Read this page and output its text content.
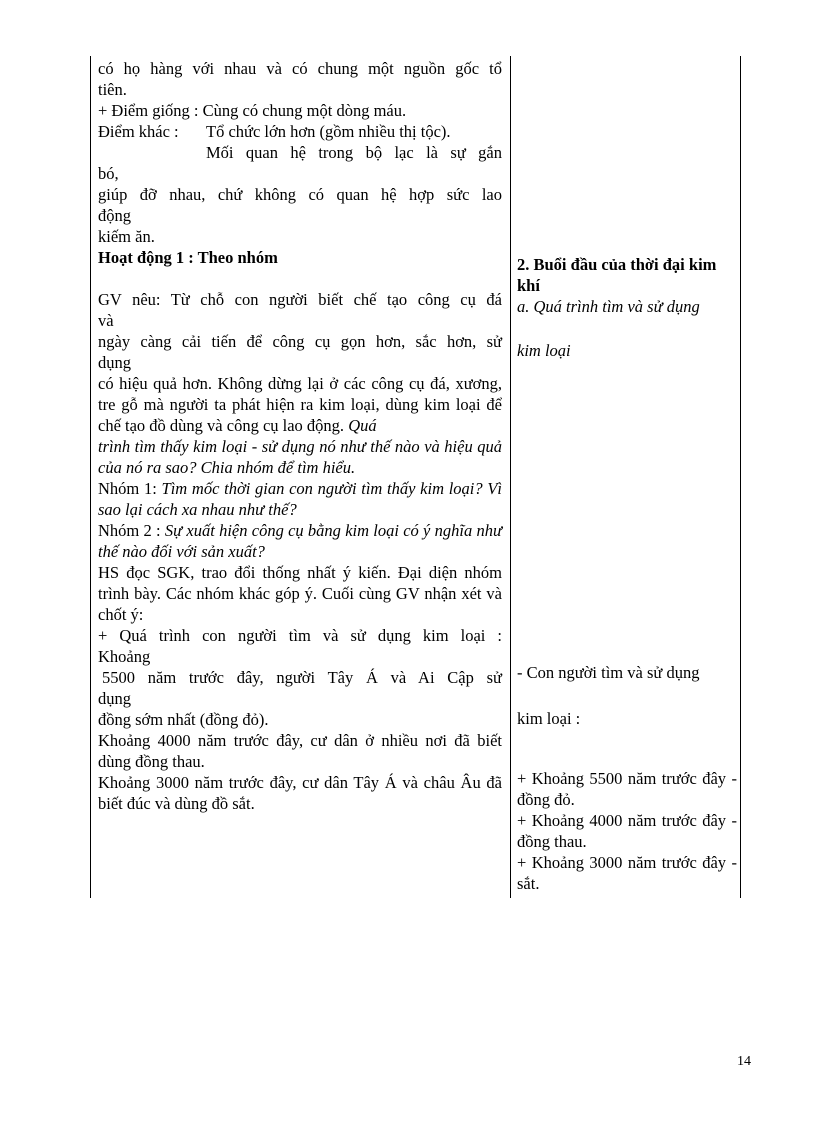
có họ hàng với nhau và có chung một nguồn gốc tổ

tiên.

+ Điểm giống : Cùng có chung một dòng máu.

Điểm khác : Tổ chức lớn hơn (gồm nhiều thị tộc).

Mối quan hệ trong bộ lạc là sự gắn

bó,

giúp đỡ nhau, chứ không có quan hệ hợp sức lao

động

kiếm ăn.

Hoạt động 1 : Theo nhóm

GV nêu: Từ chỗ con người biết chế tạo công cụ đá

và

ngày càng cải tiến để công cụ gọn hơn, sắc hơn, sử

dụng

có hiệu quả hơn. Không dừng lại ở các công cụ đá, xương, tre gỗ mà người ta phát hiện ra kim loại, dùng kim loại để chế tạo đồ dùng và công cụ lao động. Quá

trình tìm thấy kim loại - sử dụng nó như thế nào và hiệu quả của nó ra sao? Chia nhóm để tìm hiểu.

Nhóm 1: Tìm mốc thời gian con người tìm thấy kim loại? Vì sao lại cách xa nhau như thế?

Nhóm 2 : Sự xuất hiện công cụ bằng kim loại có ý nghĩa như thế nào đối với sản xuất?

HS đọc SGK, trao đổi thống nhất ý kiến. Đại diện nhóm trình bày. Các nhóm khác góp ý. Cuối cùng GV nhận xét và chốt ý:

+ Quá trình con người tìm và sử dụng kim loại :

Khoảng

5500 năm trước đây, người Tây Á và Ai Cập sử

dụng

đồng sớm nhất (đồng đỏ).

Khoảng 4000 năm trước đây, cư dân ở nhiều nơi đã biết dùng đồng thau.

Khoảng 3000 năm trước đây, cư dân Tây Á và châu Âu đã biết đúc và dùng đồ sắt.

2. Buổi đầu của thời đại kim khí

a. Quá trình tìm và sử dụng

kim loại

- Con người tìm và sử dụng

kim loại :

+ Khoảng 5500 năm trước đây - đồng đỏ.

+ Khoảng 4000 năm trước đây - đồng thau.

+ Khoảng 3000 năm trước đây - sắt.

14
